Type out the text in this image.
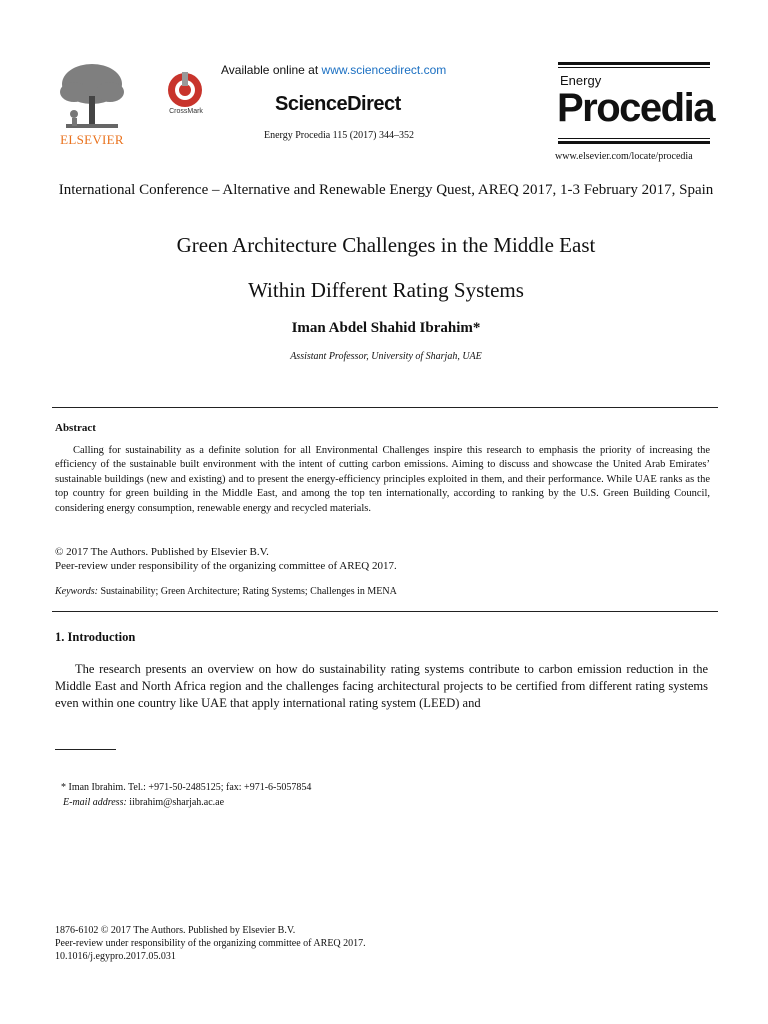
ELSEVIER
CrossMark
Available online at www.sciencedirect.com
ScienceDirect
Energy Procedia 115 (2017) 344–352
Energy
Procedia
www.elsevier.com/locate/procedia
International Conference – Alternative and Renewable Energy Quest, AREQ 2017, 1-3 February 2017, Spain
Green Architecture Challenges in the Middle East
Within Different Rating Systems
Iman Abdel Shahid Ibrahim*
Assistant Professor, University of Sharjah, UAE
Abstract
Calling for sustainability as a definite solution for all Environmental Challenges inspire this research to emphasis the priority of increasing the efficiency of the sustainable built environment with the intent of cutting carbon emissions. Aiming to discuss and showcase the United Arab Emirates’ sustainable buildings (new and existing) and to present the energy-efficiency principles exploited in them, and their performance. While UAE ranks as the top country for green building in the Middle East, and among the top ten internationally, according to ranking by the U.S. Green Building Council, considering energy consumption, renewable energy and recycled materials.
© 2017 The Authors. Published by Elsevier B.V.
Peer-review under responsibility of the organizing committee of AREQ 2017.
Keywords: Sustainability; Green Architecture; Rating Systems; Challenges in MENA
1. Introduction
The research presents an overview on how do sustainability rating systems contribute to carbon emission reduction in the Middle East and North Africa region and the challenges facing architectural projects to be certified from different rating systems even within one country like UAE that apply international rating system (LEED) and
* Iman Ibrahim. Tel.: +971-50-2485125; fax: +971-6-5057854
E-mail address: iibrahim@sharjah.ac.ae
1876-6102 © 2017 The Authors. Published by Elsevier B.V.
Peer-review under responsibility of the organizing committee of AREQ 2017.
10.1016/j.egypro.2017.05.031
